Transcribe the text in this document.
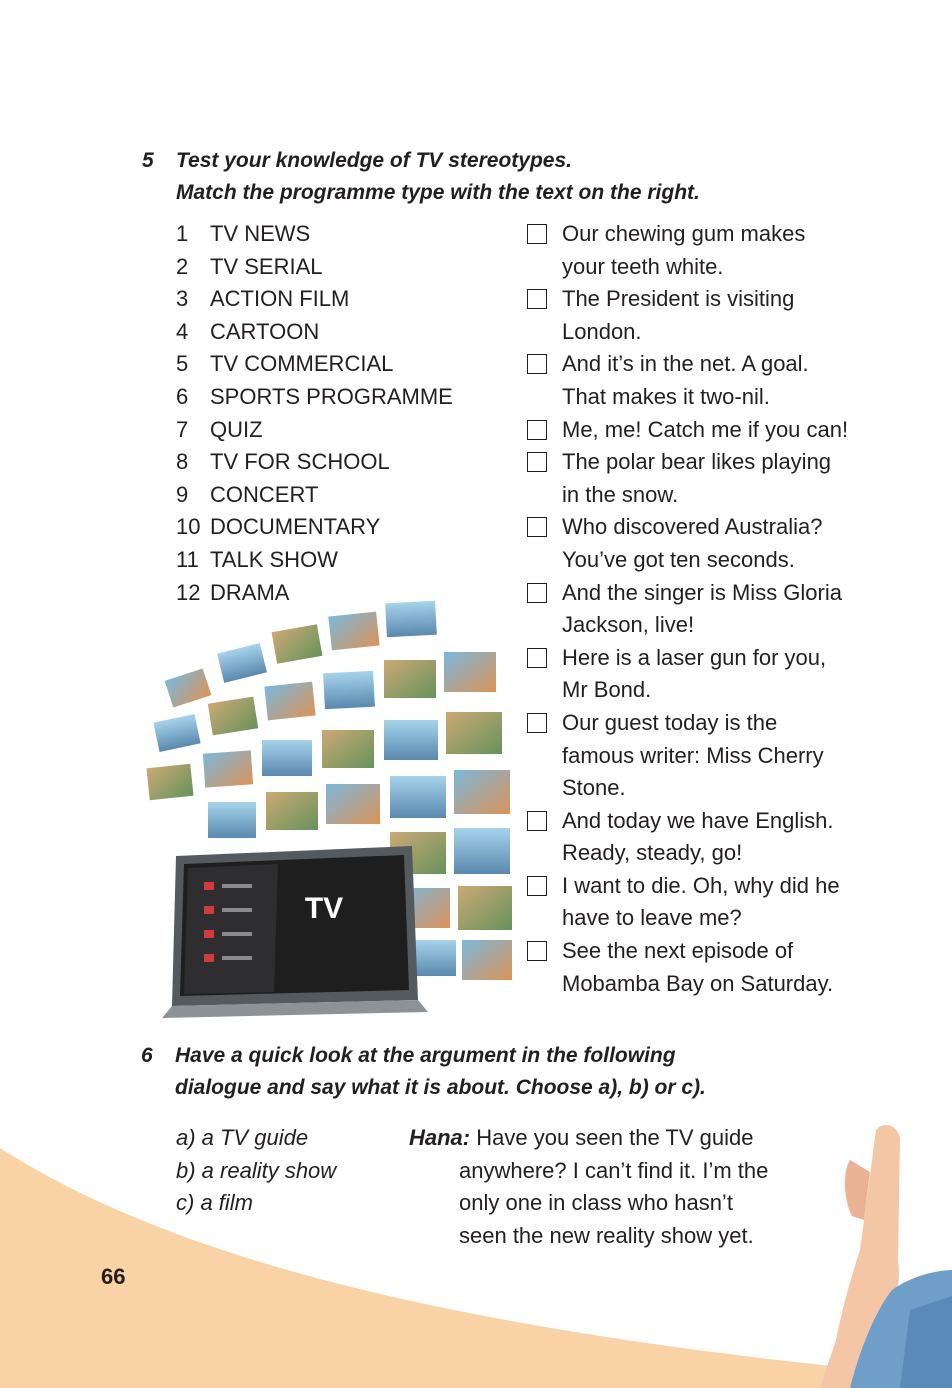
5	Test your knowledge of TV stereotypes.
Match the programme type with the text on the right.
1 TV NEWS
2 TV SERIAL
3 ACTION FILM
4 CARTOON
5 TV COMMERCIAL
6 SPORTS PROGRAMME
7 QUIZ
8 TV FOR SCHOOL
9 CONCERT
10 DOCUMENTARY
11 TALK SHOW
12 DRAMA
Our chewing gum makes
your teeth white.
The President is visiting
London.
And it’s in the net. A goal.
That makes it two-nil.
Me, me! Catch me if you can!
The polar bear likes playing
in the snow.
Who discovered Australia?
You’ve got ten seconds.
And the singer is Miss Gloria
Jackson, live!
Here is a laser gun for you,
Mr Bond.
Our guest today is the
famous writer: Miss Cherry
Stone.
And today we have English.
Ready, steady, go!
I want to die. Oh, why did he
have to leave me?
See the next episode of
Mobamba Bay on Saturday.
TV
6	Have a quick look at the argument in the following
dialogue and say what it is about. Choose a), b) or c).
a) a TV guide
b) a reality show
c) a film
Hana: Have you seen the TV guide
anywhere? I can’t find it. I’m the
only one in class who hasn’t
seen the new reality show yet.
66
